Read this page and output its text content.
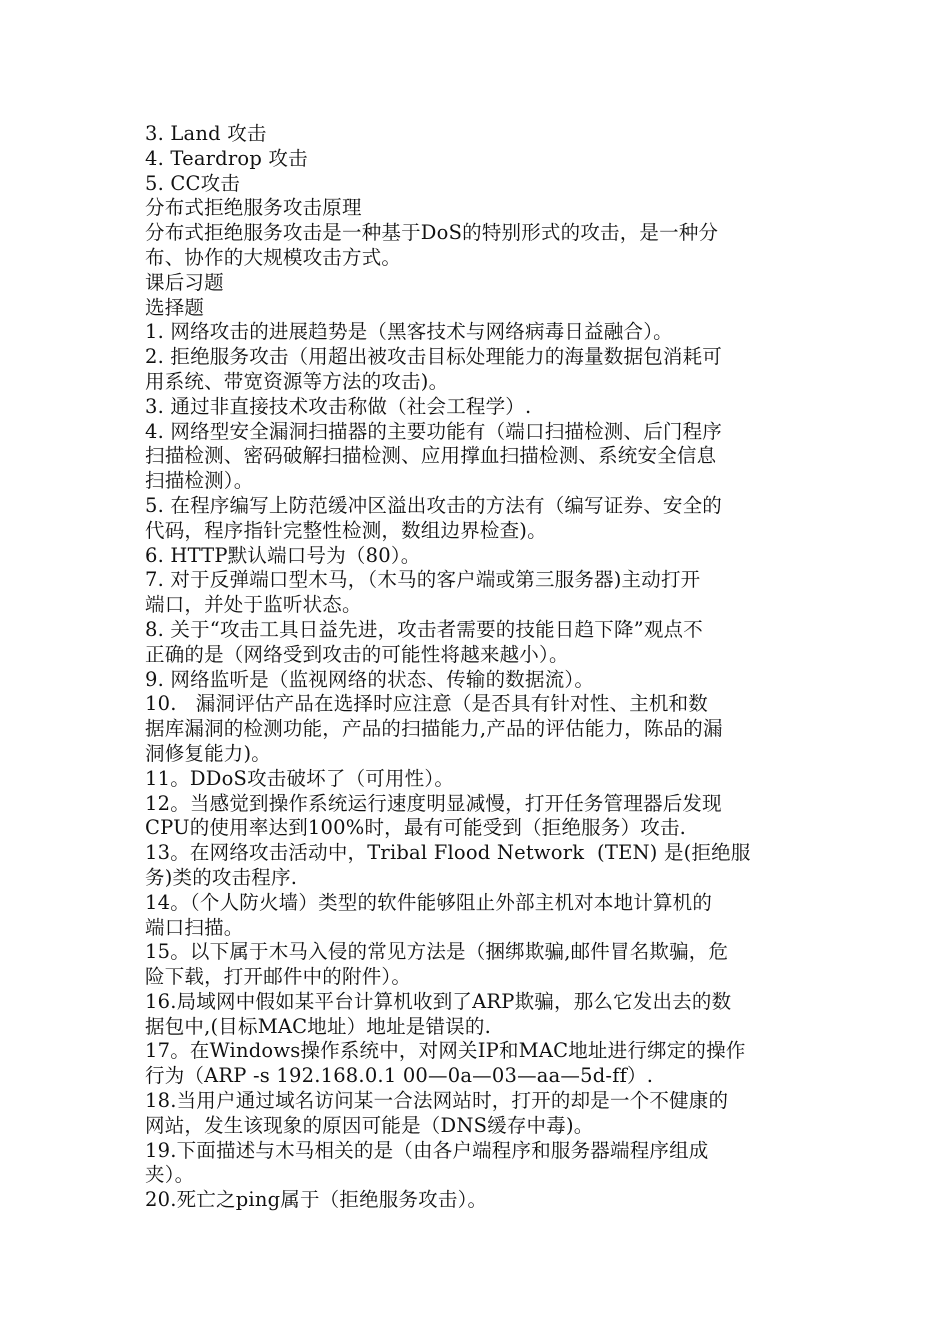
3. Land 攻击
4. Teardrop 攻击
5. CC攻击
分布式拒绝服务攻击原理
分布式拒绝服务攻击是一种基于DoS的特别形式的攻击，是一种分
布、协作的大规模攻击方式。
课后习题
选择题
1. 网络攻击的进展趋势是（黑客技术与网络病毒日益融合）。
2. 拒绝服务攻击（用超出被攻击目标处理能力的海量数据包消耗可
用系统、带宽资源等方法的攻击)。
3. 通过非直接技术攻击称做（社会工程学）.
4. 网络型安全漏洞扫描器的主要功能有（端口扫描检测、后门程序
扫描检测、密码破解扫描检测、应用撑血扫描检测、系统安全信息
扫描检测）。
5. 在程序编写上防范缓冲区溢出攻击的方法有（编写证券、安全的
代码，程序指针完整性检测，数组边界检查)。
6. HTTP默认端口号为（80）。
7. 对于反弹端口型木马，（木马的客户端或第三服务器)主动打开
端口，并处于监听状态。
8. 关于“攻击工具日益先进，攻击者需要的技能日趋下降”观点不
正确的是（网络受到攻击的可能性将越来越小）。
9. 网络监听是（监视网络的状态、传输的数据流）。
10.   漏洞评估产品在选择时应注意（是否具有针对性、主机和数
据库漏洞的检测功能，产品的扫描能力,产品的评估能力，陈品的漏
洞修复能力)。
11。DDoS攻击破坏了（可用性）。
12。当感觉到操作系统运行速度明显减慢，打开任务管理器后发现
CPU的使用率达到100%时，最有可能受到（拒绝服务）攻击.
13。在网络攻击活动中，Tribal Flood Network  (TEN) 是(拒绝服
务)类的攻击程序.
14。（个人防火墙）类型的软件能够阻止外部主机对本地计算机的
端口扫描。
15。以下属于木马入侵的常见方法是（捆绑欺骗,邮件冒名欺骗，危
险下载，打开邮件中的附件）。
16.局域网中假如某平台计算机收到了ARP欺骗，那么它发出去的数
据包中,(目标MAC地址）地址是错误的.
17。在Windows操作系统中，对网关IP和MAC地址进行绑定的操作
行为（ARP -s 192.168.0.1 00—0a—03—aa—5d-ff）.
18.当用户通过域名访问某一合法网站时，打开的却是一个不健康的
网站，发生该现象的原因可能是（DNS缓存中毒)。
19.下面描述与木马相关的是（由各户端程序和服务器端程序组成
夹）。
20.死亡之ping属于（拒绝服务攻击）。
